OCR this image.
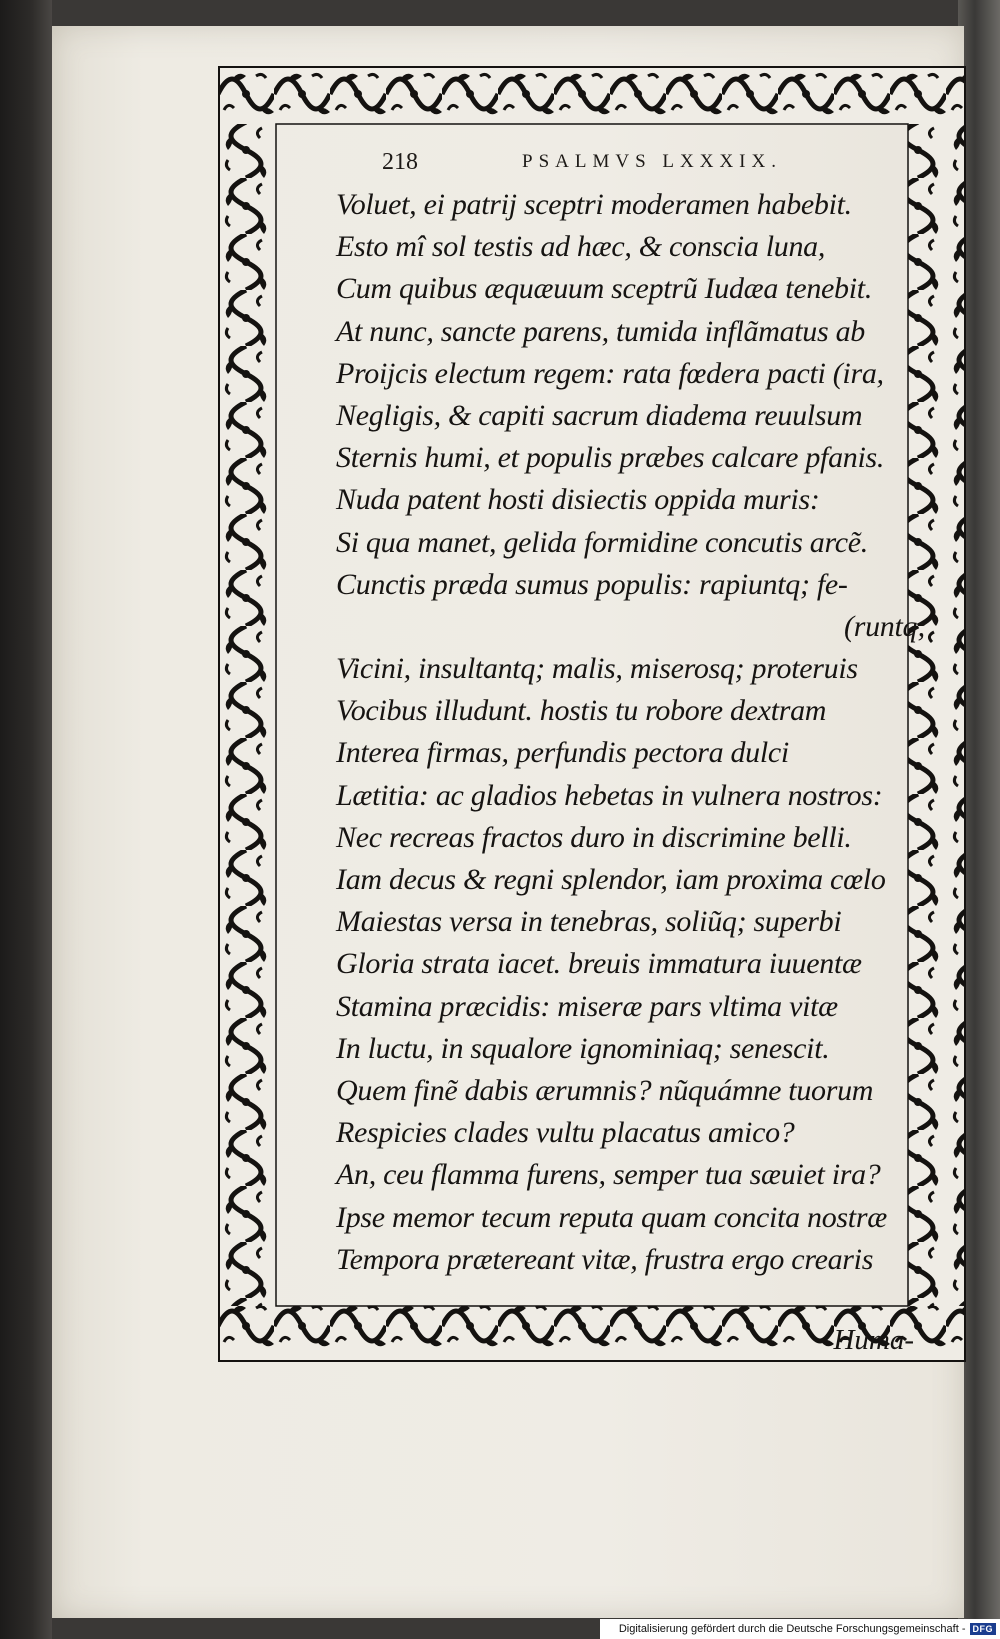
218	PSALMVS LXXXIX.
Voluet, ei patrij sceptri moderamen habebit.
Esto mî sol testis ad hæc, & conscia luna,
Cum quibus æquæuum sceptrũ Iudæa tenebit.
At nunc, sancte parens, tumida inflãmatus ab
Proijcis electum regem: rata fœdera pacti (ira,
Negligis, & capiti sacrum diadema reuulsum
Sternis humi, et populis præbes calcare pfanis.
Nuda patent hosti disiectis oppida muris:
Si qua manet, gelida formidine concutis arcẽ.
Cunctis præda sumus populis: rapiuntq; fe-
(runtq;
Vicini, insultantq; malis, miserosq; proteruis
Vocibus illudunt. hostis tu robore dextram
Interea firmas, perfundis pectora dulci
Lætitia: ac gladios hebetas in vulnera nostros:
Nec recreas fractos duro in discrimine belli.
Iam decus & regni splendor, iam proxima cœlo
Maiestas versa in tenebras, soliũq; superbi
Gloria strata iacet. breuis immatura iuuentæ
Stamina præcidis: miseræ pars vltima vitæ
In luctu, in squalore ignominiaq; senescit.
Quem finẽ dabis ærumnis? nũquámne tuorum
Respicies clades vultu placatus amico?
An, ceu flamma furens, semper tua sæuiet ira?
Ipse memor tecum reputa quam concita nostræ
Tempora prætereant vitæ, frustra ergo crearis
Huma-
Digitalisierung gefördert durch die Deutsche Forschungsgemeinschaft - DFG
